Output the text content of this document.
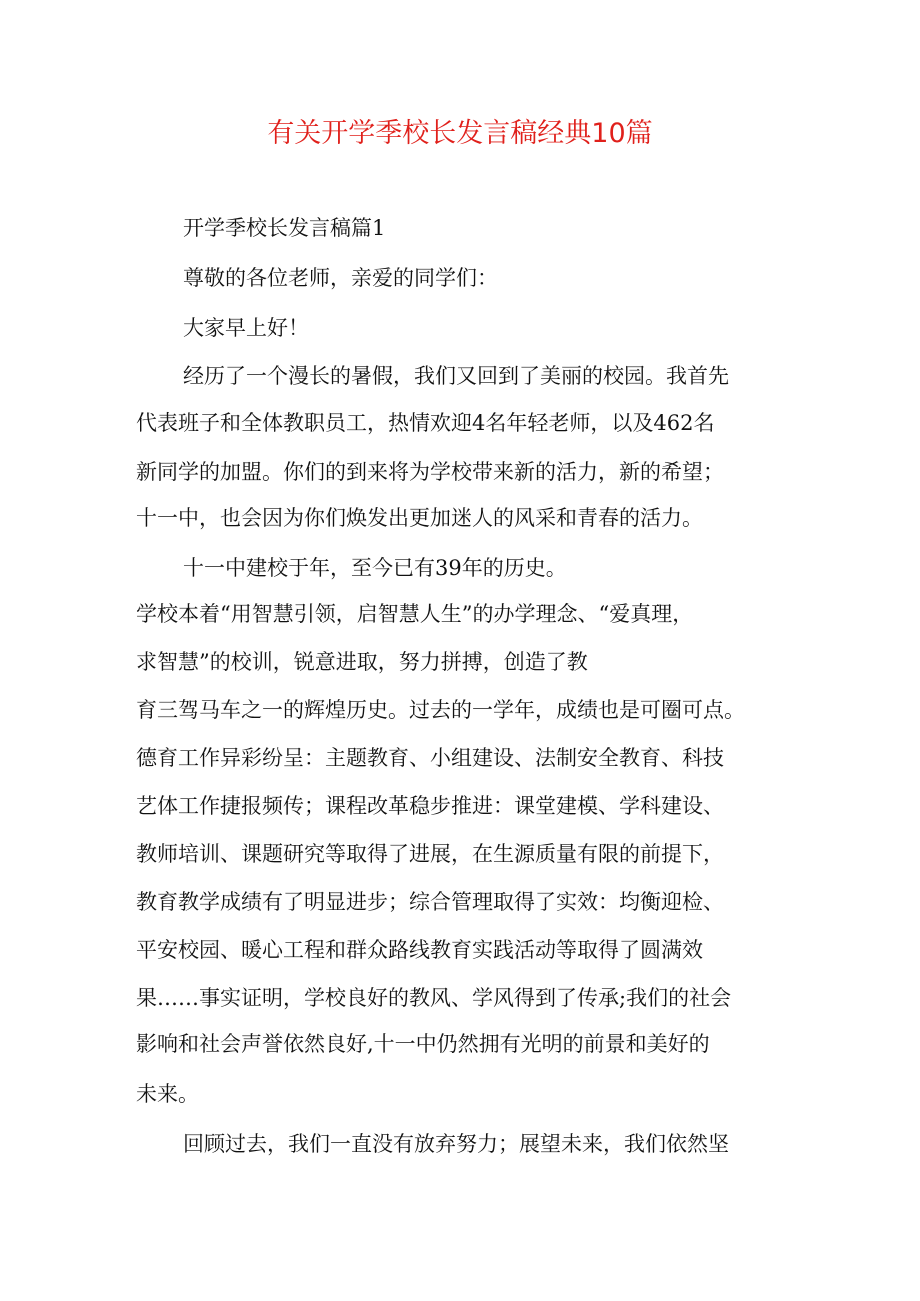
有关开学季校长发言稿经典10篇

开学季校长发言稿篇1

尊敬的各位老师，亲爱的同学们：

大家早上好！

经历了一个漫长的暑假，我们又回到了美丽的校园。我首先

代表班子和全体教职员工，热情欢迎4名年轻老师，以及462名

新同学的加盟。你们的到来将为学校带来新的活力，新的希望；

十一中，也会因为你们焕发出更加迷人的风采和青春的活力。

十一中建校于年，至今已有39年的历史。

学校本着“用智慧引领，启智慧人生”的办学理念、“爱真理，

求智慧”的校训，锐意进取，努力拼搏，创造了教

育三驾马车之一的辉煌历史。过去的一学年，成绩也是可圈可点。

德育工作异彩纷呈：主题教育、小组建设、法制安全教育、科技

艺体工作捷报频传；课程改革稳步推进：课堂建模、学科建设、

教师培训、课题研究等取得了进展，在生源质量有限的前提下，

教育教学成绩有了明显进步；综合管理取得了实效：均衡迎检、

平安校园、暖心工程和群众路线教育实践活动等取得了圆满效

果……事实证明，学校良好的教风、学风得到了传承;我们的社会

影响和社会声誉依然良好,十一中仍然拥有光明的前景和美好的

未来。

回顾过去，我们一直没有放弃努力；展望未来，我们依然坚
